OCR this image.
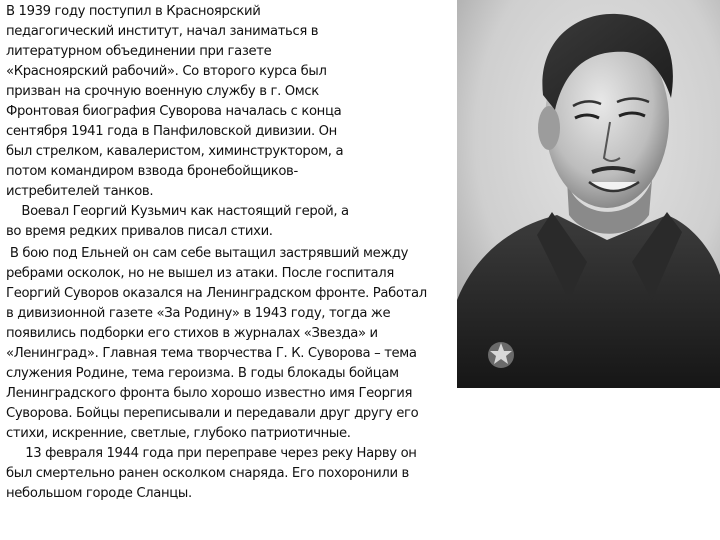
В 1939 году поступил в Красноярский
педагогический институт, начал заниматься в
литературном объединении при газете
«Красноярский рабочий». Со второго курса был
призван на срочную военную службу в г. Омск
Фронтовая биография Суворова началась с конца
сентября 1941 года в Панфиловской дивизии. Он
был стрелком, кавалеристом, химинструктором, а
потом командиром взвода бронебойщиков-
истребителей танков.
Воевал Георгий Кузьмич как настоящий герой, а
во время редких привалов писал стихи.
В бою под Ельней он сам себе вытащил застрявший между
ребрами осколок, но не вышел из атаки. После госпиталя
Георгий Суворов оказался на Ленинградском фронте. Работал
в дивизионной газете «За Родину» в 1943 году, тогда же
появились подборки его стихов в журналах «Звезда» и
«Ленинград». Главная тема творчества Г. К. Суворова – тема
служения Родине, тема героизма. В годы блокады бойцам
Ленинградского фронта было хорошо известно имя Георгия
Суворова. Бойцы переписывали и передавали друг другу его
стихи, искренние, светлые, глубоко патриотичные.
13 февраля 1944 года при переправе через реку Нарву он
был смертельно ранен осколком снаряда. Его похоронили в
небольшом городе Сланцы.
